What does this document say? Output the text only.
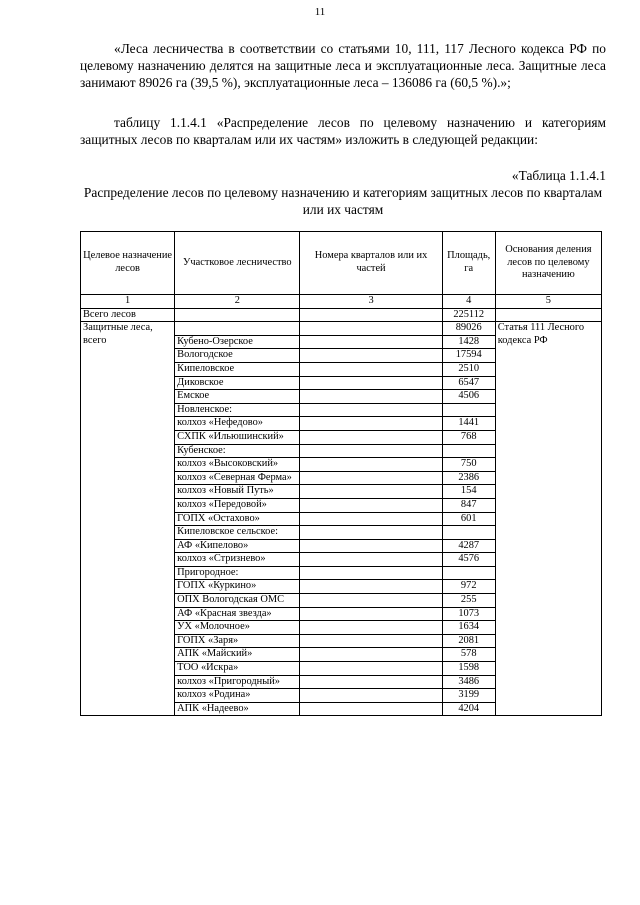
11

«Леса лесничества в соответствии со статьями 10, 111, 117 Лесного кодекса РФ по целевому назначению делятся на защитные леса и эксплуатационные леса. Защитные леса занимают 89026 га (39,5 %), эксплуатационные леса – 136086 га (60,5 %).»;

таблицу 1.1.4.1 «Распределение лесов по целевому назначению и категориям защитных лесов по кварталам или их частям» изложить в следующей редакции:

«Таблица 1.1.4.1
Распределение лесов по целевому назначению и категориям защитных лесов по кварталам или их частям
Целевое назначение лесов	Участковое лесничество	Номера кварталов или их частей	Площадь, га	Основания деления лесов по целевому назначению
1	2	3	4	5
Всего лесов			225112	
Защитные леса, всего			89026	Статья 111 Лесного кодекса РФ
	Кубено-Озерское		1428	
	Вологодское		17594	
	Кипеловское		2510	
	Диковское		6547	
	Емское		4506	
	Новленское:			
	колхоз «Нефедово»		1441	
	СХПК «Ильюшинский»		768	
	Кубенское:			
	колхоз «Высоковский»		750	
	колхоз «Северная Ферма»		2386	
	колхоз «Новый Путь»		154	
	колхоз «Передовой»		847	
	ГОПХ «Остахово»		601	
	Кипеловское сельское:			
	АФ «Кипелово»		4287	
	колхоз «Стризнево»		4576	
	Пригородное:			
	ГОПХ «Куркино»		972	
	ОПХ Вологодская ОМС		255	
	АФ «Красная звезда»		1073	
	УХ «Молочное»		1634	
	ГОПХ «Заря»		2081	
	АПК «Майский»		578	
	ТОО «Искра»		1598	
	колхоз «Пригородный»		3486	
	колхоз «Родина»		3199	
	АПК «Надеево»		4204	
